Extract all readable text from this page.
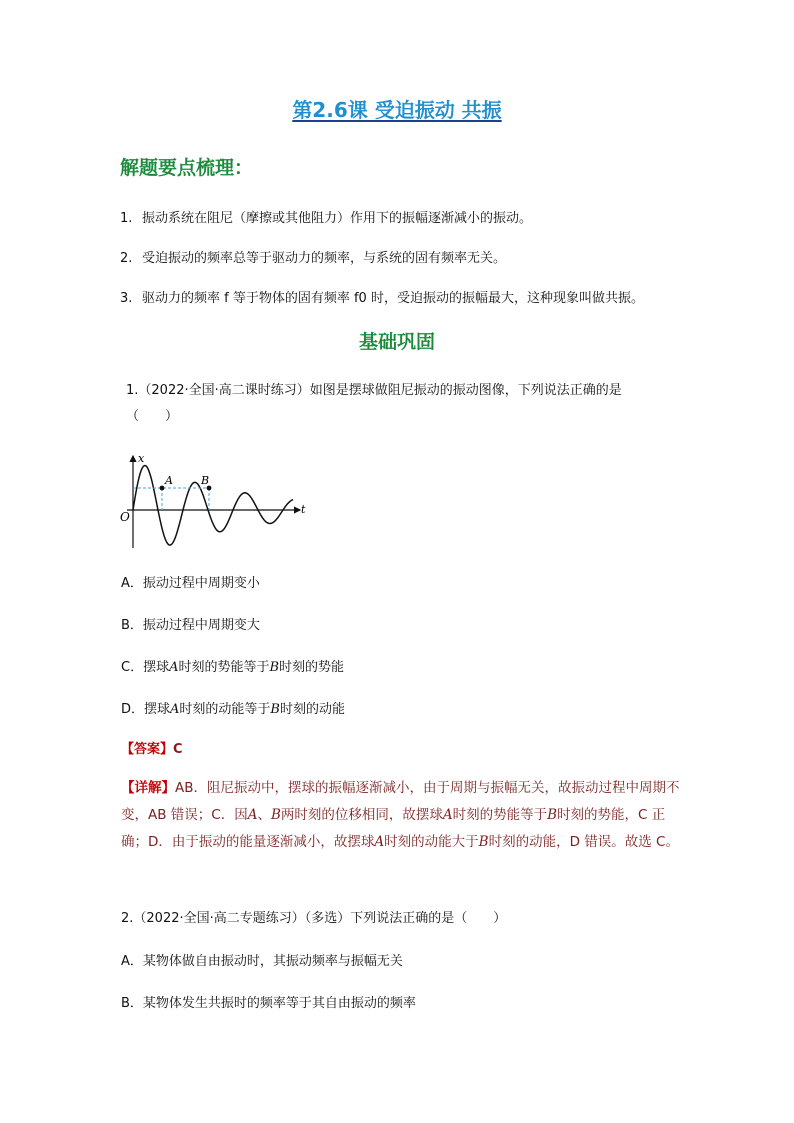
第2.6课 受迫振动 共振
解题要点梳理：
1. 振动系统在阻尼（摩擦或其他阻力）作用下的振幅逐渐减小的振动。
2. 受迫振动的频率总等于驱动力的频率，与系统的固有频率无关。
3. 驱动力的频率 f 等于物体的固有频率 f0 时，受迫振动的振幅最大，这种现象叫做共振。
基础巩固
1.（2022·全国·高二课时练习）如图是摆球做阻尼振动的振动图像，下列说法正确的是
（　　）
x
t
O
A	B
A．振动过程中周期变小
B．振动过程中周期变大
C．摆球A时刻的势能等于B时刻的势能
D．摆球A时刻的动能等于B时刻的动能
【答案】C
【详解】AB．阻尼振动中，摆球的振幅逐渐减小，由于周期与振幅无关，故振动过程中周期不变，AB 错误；C．因A、B两时刻的位移相同，故摆球A时刻的势能等于B时刻的势能，C 正确；D．由于振动的能量逐渐减小，故摆球A时刻的动能大于B时刻的动能，D 错误。故选 C。
2.（2022·全国·高二专题练习）（多选）下列说法正确的是（　　）
A．某物体做自由振动时，其振动频率与振幅无关
B．某物体发生共振时的频率等于其自由振动的频率
